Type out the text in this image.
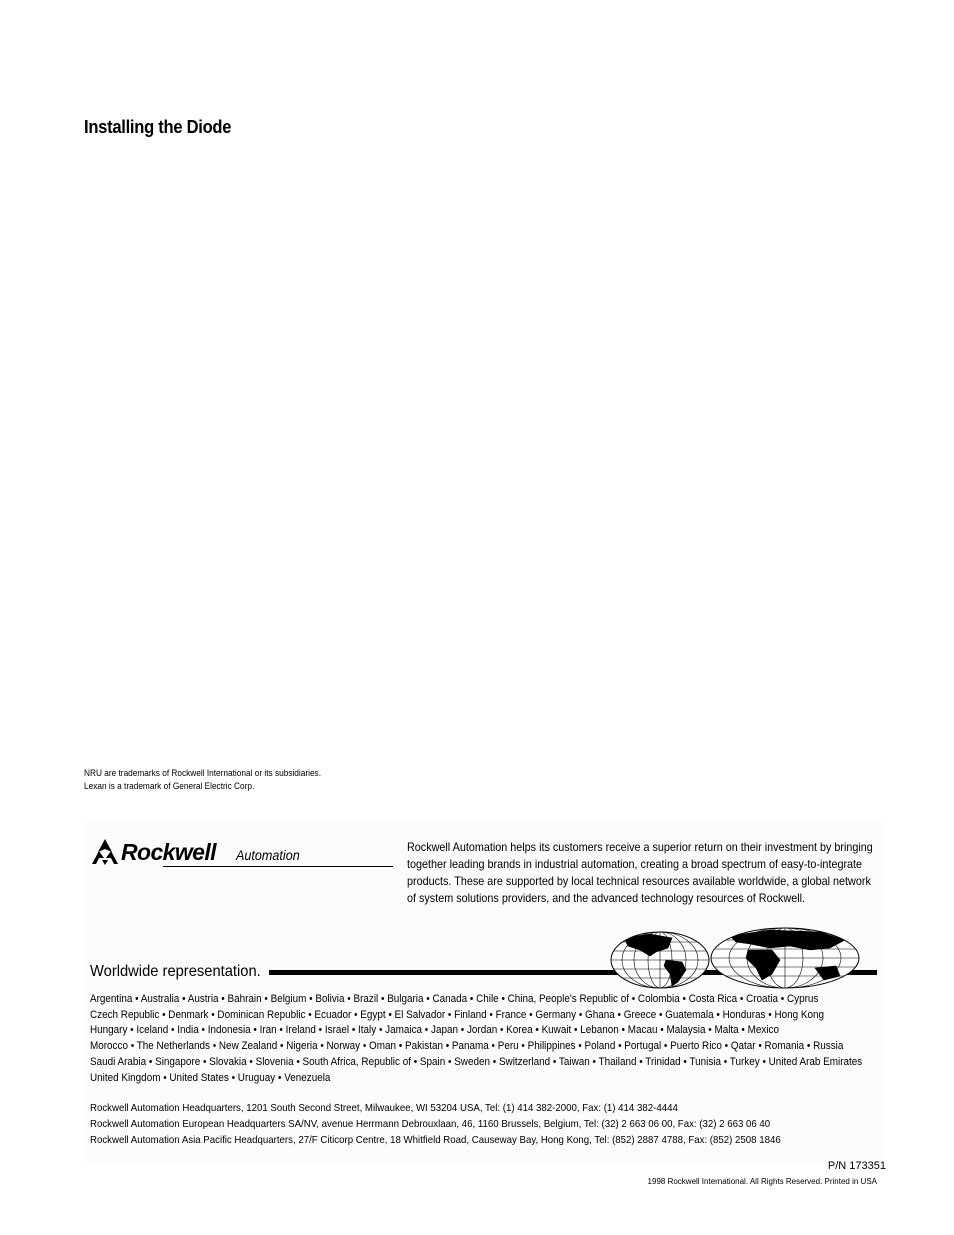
Installing the Diode
NRU are trademarks of Rockwell International or its subsidiaries.
Lexan is a trademark of General Electric Corp.
Rockwell Automation	Rockwell Automation helps its customers receive a superior return on their investment by bringing
together leading brands in industrial automation, creating a broad spectrum of easy-to-integrate
products. These are supported by local technical resources available worldwide, a global network
of system solutions providers, and the advanced technology resources of Rockwell.
Worldwide representation.
Argentina • Australia • Austria • Bahrain • Belgium • Bolivia • Brazil • Bulgaria • Canada • Chile • China, People's Republic of • Colombia • Costa Rica • Croatia • Cyprus
Czech Republic • Denmark • Dominican Republic • Ecuador • Egypt • El Salvador • Finland • France • Germany • Ghana • Greece • Guatemala • Honduras • Hong Kong
Hungary • Iceland • India • Indonesia • Iran • Ireland • Israel • Italy • Jamaica • Japan • Jordan • Korea • Kuwait • Lebanon • Macau • Malaysia • Malta • Mexico
Morocco • The Netherlands • New Zealand • Nigeria • Norway • Oman • Pakistan • Panama • Peru • Philippines • Poland • Portugal • Puerto Rico • Qatar • Romania • Russia
Saudi Arabia • Singapore • Slovakia • Slovenia • South Africa, Republic of • Spain • Sweden • Switzerland • Taiwan • Thailand • Trinidad • Tunisia • Turkey • United Arab Emirates
United Kingdom • United States • Uruguay • Venezuela
Rockwell Automation Headquarters, 1201 South Second Street, Milwaukee, WI 53204 USA, Tel: (1) 414 382-2000, Fax: (1) 414 382-4444
Rockwell Automation European Headquarters SA/NV, avenue Herrmann Debrouxlaan, 46, 1160 Brussels, Belgium, Tel: (32) 2 663 06 00, Fax: (32) 2 663 06 40
Rockwell Automation Asia Pacific Headquarters, 27/F Citicorp Centre, 18 Whitfield Road, Causeway Bay, Hong Kong, Tel: (852) 2887 4788, Fax: (852) 2508 1846
P/N 173351
1998 Rockwell International. All Rights Reserved. Printed in USA
